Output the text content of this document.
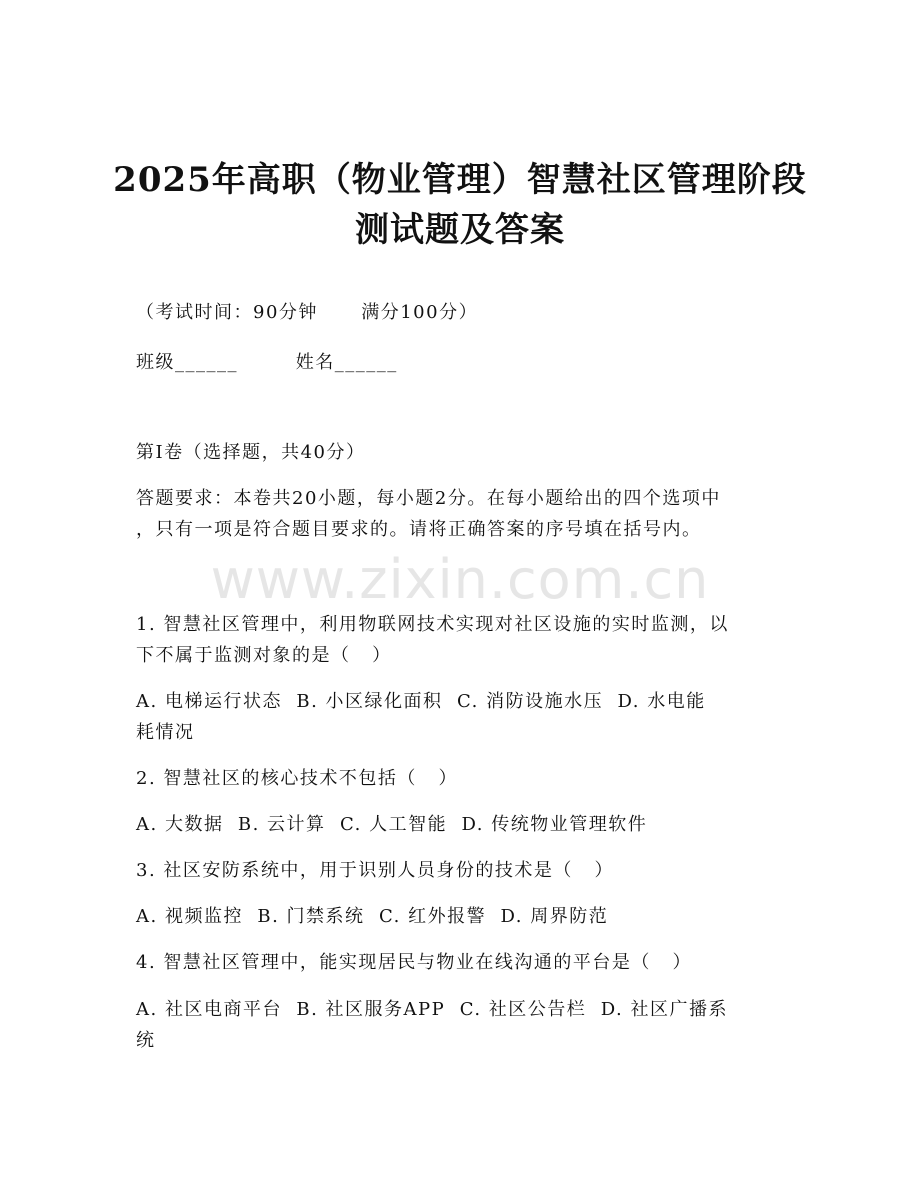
www.zixin.com.cn
2025年高职（物业管理）智慧社区管理阶段
测试题及答案
（考试时间：90分钟      满分100分）
班级______        姓名______
第I卷（选择题，共40分）
答题要求：本卷共20小题，每小题2分。在每小题给出的四个选项中
，只有一项是符合题目要求的。请将正确答案的序号填在括号内。
1. 智慧社区管理中，利用物联网技术实现对社区设施的实时监测，以
下不属于监测对象的是（   ）
A. 电梯运行状态  B. 小区绿化面积  C. 消防设施水压  D. 水电能
耗情况
2. 智慧社区的核心技术不包括（   ）
A. 大数据  B. 云计算  C. 人工智能  D. 传统物业管理软件
3. 社区安防系统中，用于识别人员身份的技术是（   ）
A. 视频监控  B. 门禁系统  C. 红外报警  D. 周界防范
4. 智慧社区管理中，能实现居民与物业在线沟通的平台是（   ）
A. 社区电商平台  B. 社区服务APP  C. 社区公告栏  D. 社区广播系
统
